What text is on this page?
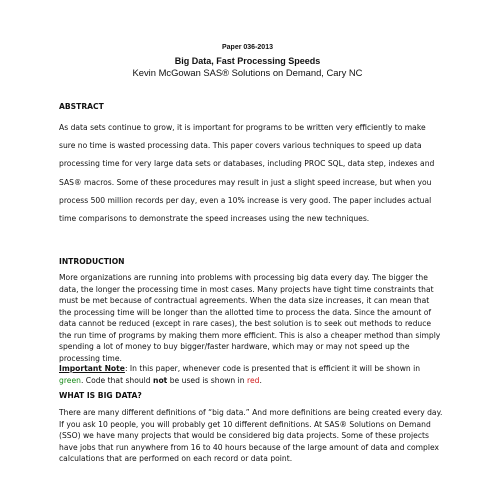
Paper 036-2013
Big Data, Fast Processing Speeds
Kevin McGowan SAS® Solutions on Demand, Cary NC
ABSTRACT

As data sets continue to grow, it is important for programs to be written very efficiently to make sure no time is wasted processing data. This paper covers various techniques to speed up data processing time for very large data sets or databases, including PROC SQL, data step, indexes and SAS® macros. Some of these procedures may result in just a slight speed increase, but when you process 500 million records per day, even a 10% increase is very good. The paper includes actual time comparisons to demonstrate the speed increases using the new techniques.

INTRODUCTION

More organizations are running into problems with processing big data every day. The bigger the data, the longer the processing time in most cases. Many projects have tight time constraints that must be met because of contractual agreements. When the data size increases, it can mean that the processing time will be longer than the allotted time to process the data. Since the amount of data cannot be reduced (except in rare cases), the best solution is to seek out methods to reduce the run time of programs by making them more efficient. This is also a cheaper method than simply spending a lot of money to buy bigger/faster hardware, which may or may not speed up the processing time.

Important Note: In this paper, whenever code is presented that is efficient it will be shown in green. Code that should not be used is shown in red.

WHAT IS BIG DATA?

There are many different definitions of “big data.” And more definitions are being created every day. If you ask 10 people, you will probably get 10 different definitions. At SAS® Solutions on Demand (SSO) we have many projects that would be considered big data projects. Some of these projects have jobs that run anywhere from 16 to 40 hours because of the large amount of data and complex calculations that are performed on each record or data point.
